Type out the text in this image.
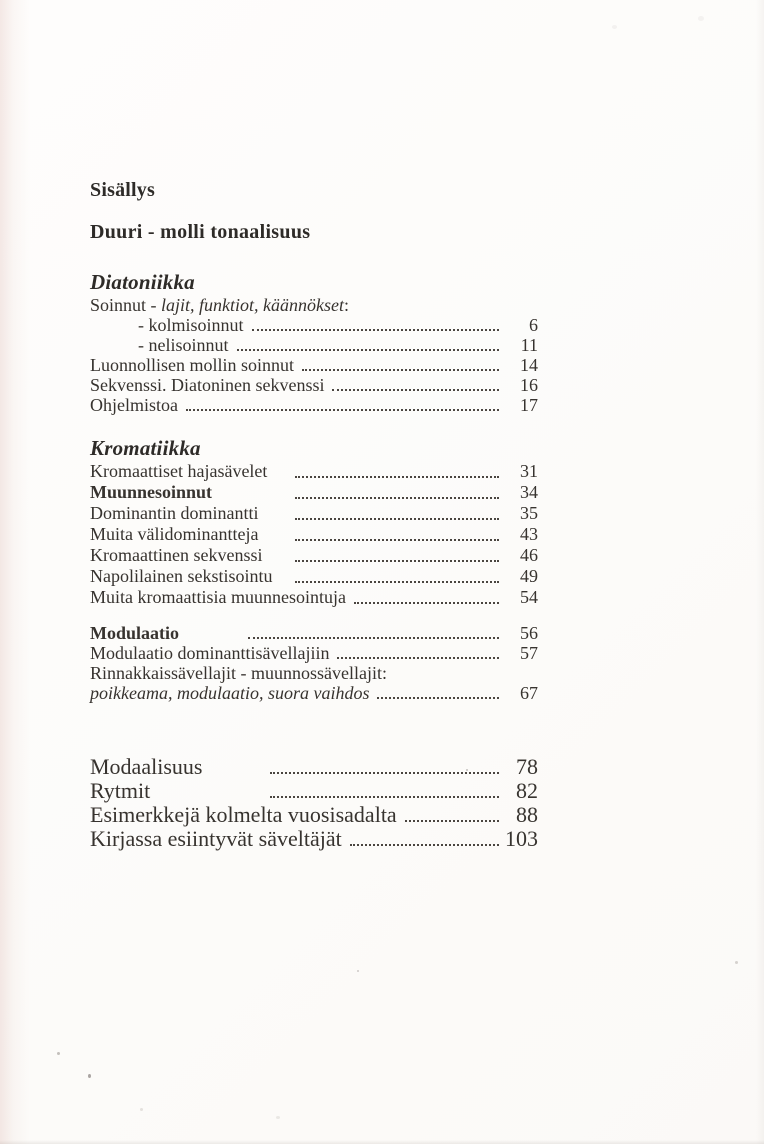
Sisällys
Duuri - molli tonaalisuus
Diatoniikka
Soinnut - lajit, funktiot, käännökset:
- kolmisoinnut	6
- nelisoinnut	11
Luonnollisen mollin soinnut	14
Sekvenssi. Diatoninen sekvenssi	16
Ohjelmistoa	17
Kromatiikka
Kromaattiset hajasävelet	31
Muunnesoinnut	34
Dominantin dominantti	35
Muita välidominantteja	43
Kromaattinen sekvenssi	46
Napolilainen sekstisointu	49
Muita kromaattisia muunnesointuja	54
Modulaatio	56
Modulaatio dominanttisävellajiin	57
Rinnakkaissävellajit - muunnossävellajit:
poikkeama, modulaatio, suora vaihdos	67
Modaalisuus	78
Rytmit	82
Esimerkkejä kolmelta vuosisadalta	88
Kirjassa esiintyvät säveltäjät	103
